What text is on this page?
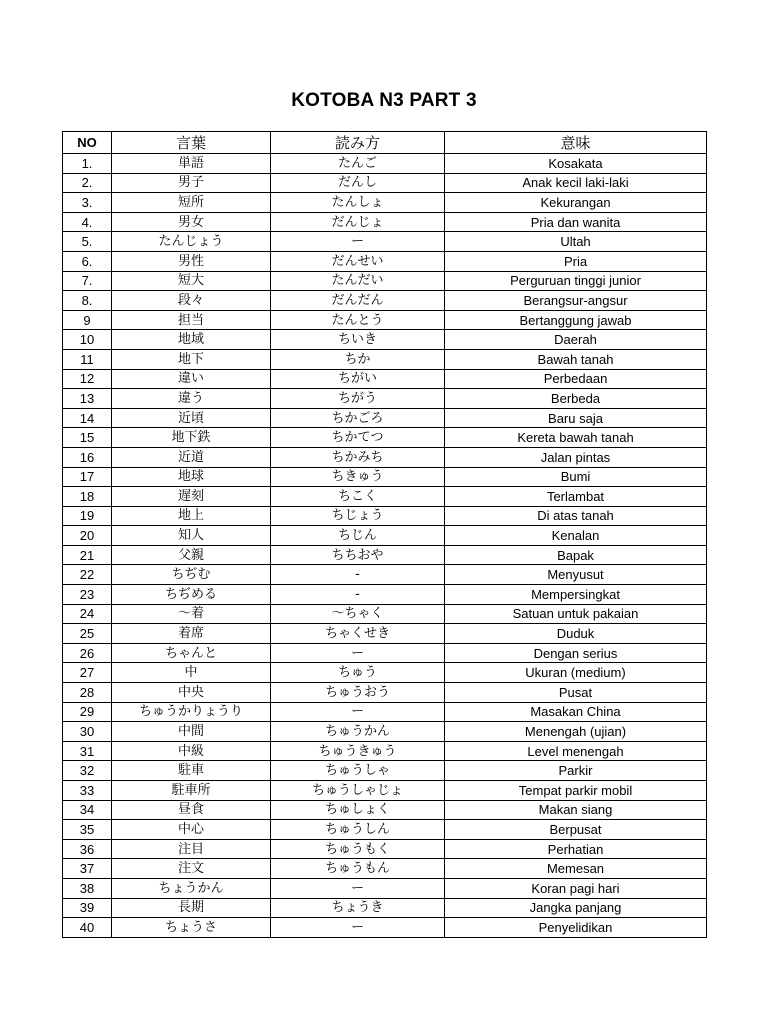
KOTOBA N3 PART 3
NO	言葉	読み方	意味
1.	単語	たんご	Kosakata
2.	男子	だんし	Anak kecil laki-laki
3.	短所	たんしょ	Kekurangan
4.	男女	だんじょ	Pria dan wanita
5.	たんじょう	ー	Ultah
6.	男性	だんせい	Pria
7.	短大	たんだい	Perguruan tinggi junior
8.	段々	だんだん	Berangsur-angsur
9	担当	たんとう	Bertanggung jawab
10	地域	ちいき	Daerah
11	地下	ちか	Bawah tanah
12	違い	ちがい	Perbedaan
13	違う	ちがう	Berbeda
14	近頃	ちかごろ	Baru saja
15	地下鉄	ちかてつ	Kereta bawah tanah
16	近道	ちかみち	Jalan pintas
17	地球	ちきゅう	Bumi
18	遅刻	ちこく	Terlambat
19	地上	ちじょう	Di atas tanah
20	知人	ちじん	Kenalan
21	父親	ちちおや	Bapak
22	ちぢむ	-	Menyusut
23	ちぢめる	-	Mempersingkat
24	〜着	〜ちゃく	Satuan untuk pakaian
25	着席	ちゃくせき	Duduk
26	ちゃんと	ー	Dengan serius
27	中	ちゅう	Ukuran (medium)
28	中央	ちゅうおう	Pusat
29	ちゅうかりょうり	ー	Masakan China
30	中間	ちゅうかん	Menengah (ujian)
31	中級	ちゅうきゅう	Level menengah
32	駐車	ちゅうしゃ	Parkir
33	駐車所	ちゅうしゃじょ	Tempat parkir mobil
34	昼食	ちゅしょく	Makan siang
35	中心	ちゅうしん	Berpusat
36	注目	ちゅうもく	Perhatian
37	注文	ちゅうもん	Memesan
38	ちょうかん	ー	Koran pagi hari
39	長期	ちょうき	Jangka panjang
40	ちょうさ	ー	Penyelidikan
